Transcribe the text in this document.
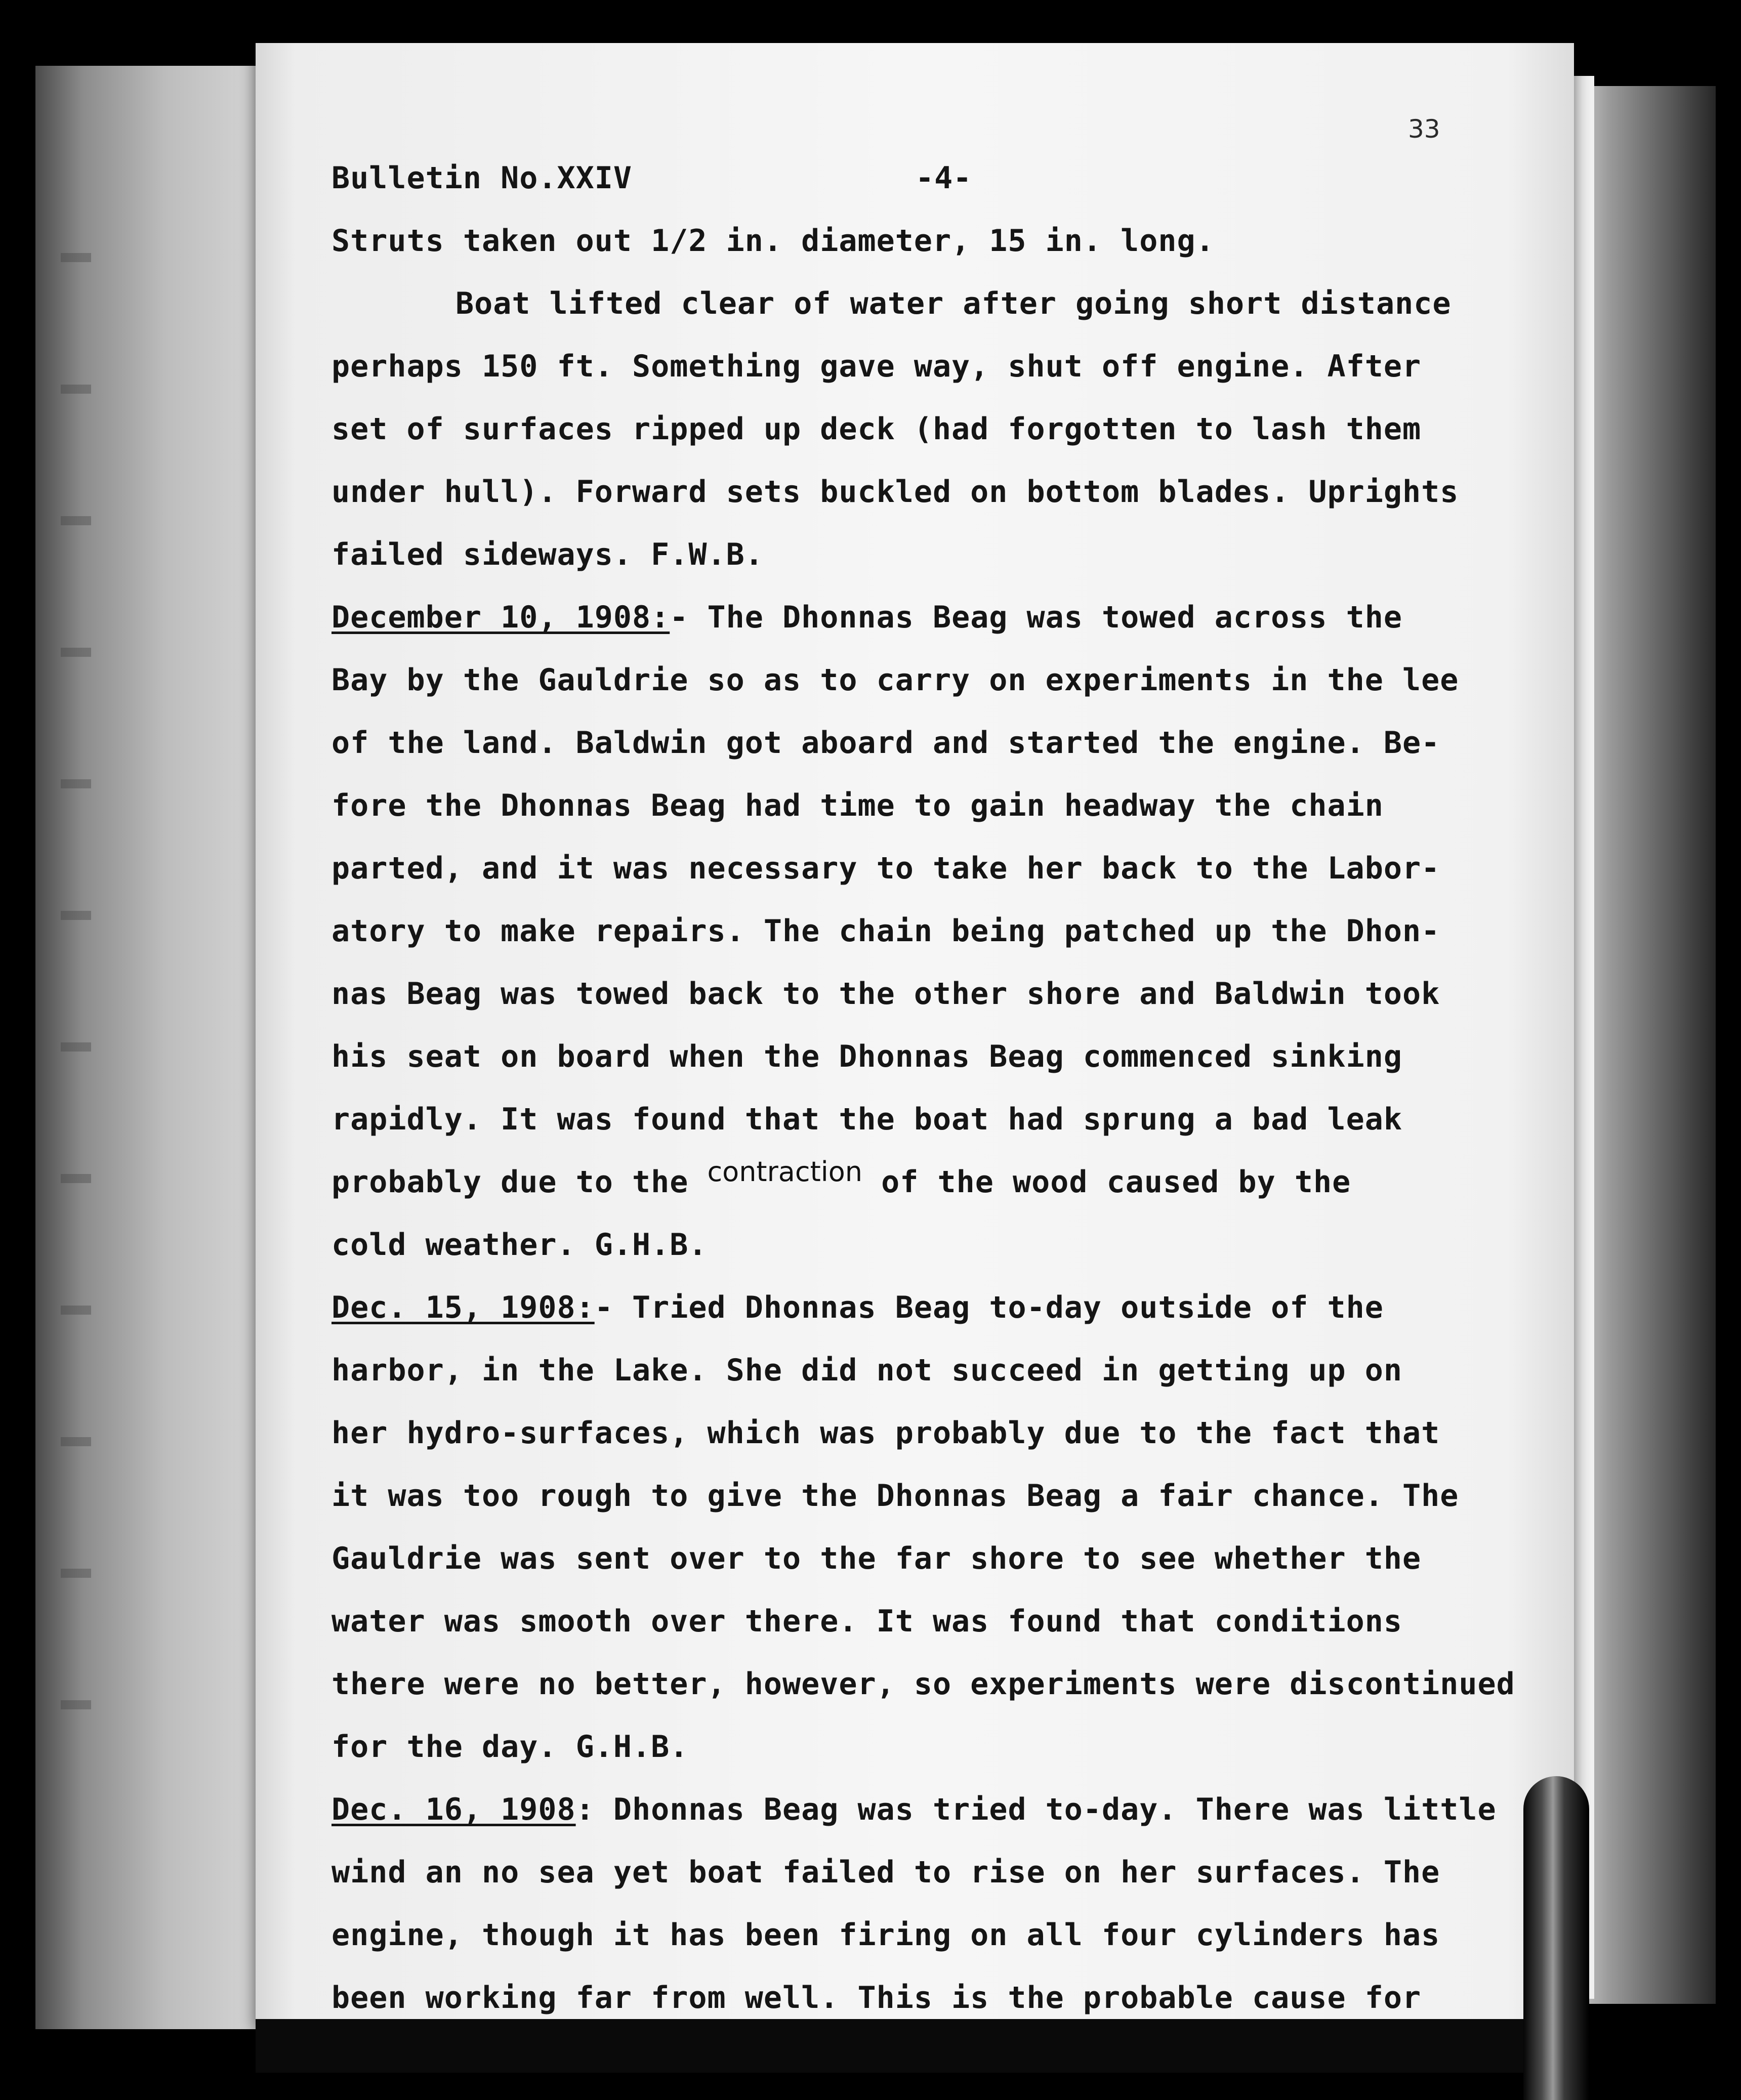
33
Bulletin No.XXIV	-4-
Struts taken out 1/2 in. diameter, 15 in. long.
Boat lifted clear of water after going short distance
perhaps 150 ft. Something gave way, shut off engine. After
set of surfaces ripped up deck (had forgotten to lash them
under hull). Forward sets buckled on bottom blades. Uprights
failed sideways. F.W.B.
December 10, 1908:- The Dhonnas Beag was towed across the
Bay by the Gauldrie so as to carry on experiments in the lee
of the land. Baldwin got aboard and started the engine. Be-
fore the Dhonnas Beag had time to gain headway the chain
parted, and it was necessary to take her back to the Labor-
atory to make repairs. The chain being patched up the Dhon-
nas Beag was towed back to the other shore and Baldwin took
his seat on board when the Dhonnas Beag commenced sinking
rapidly. It was found that the boat had sprung a bad leak
probably due to the contraction of the wood caused by the
cold weather. G.H.B.
Dec. 15, 1908:- Tried Dhonnas Beag to-day outside of the
harbor, in the Lake. She did not succeed in getting up on
her hydro-surfaces, which was probably due to the fact that
it was too rough to give the Dhonnas Beag a fair chance. The
Gauldrie was sent over to the far shore to see whether the
water was smooth over there. It was found that conditions
there were no better, however, so experiments were discontinued
for the day. G.H.B.
Dec. 16, 1908: Dhonnas Beag was tried to-day. There was little
wind an no sea yet boat failed to rise on her surfaces. The
engine, though it has been firing on all four cylinders has
been working far from well. This is the probable cause for
